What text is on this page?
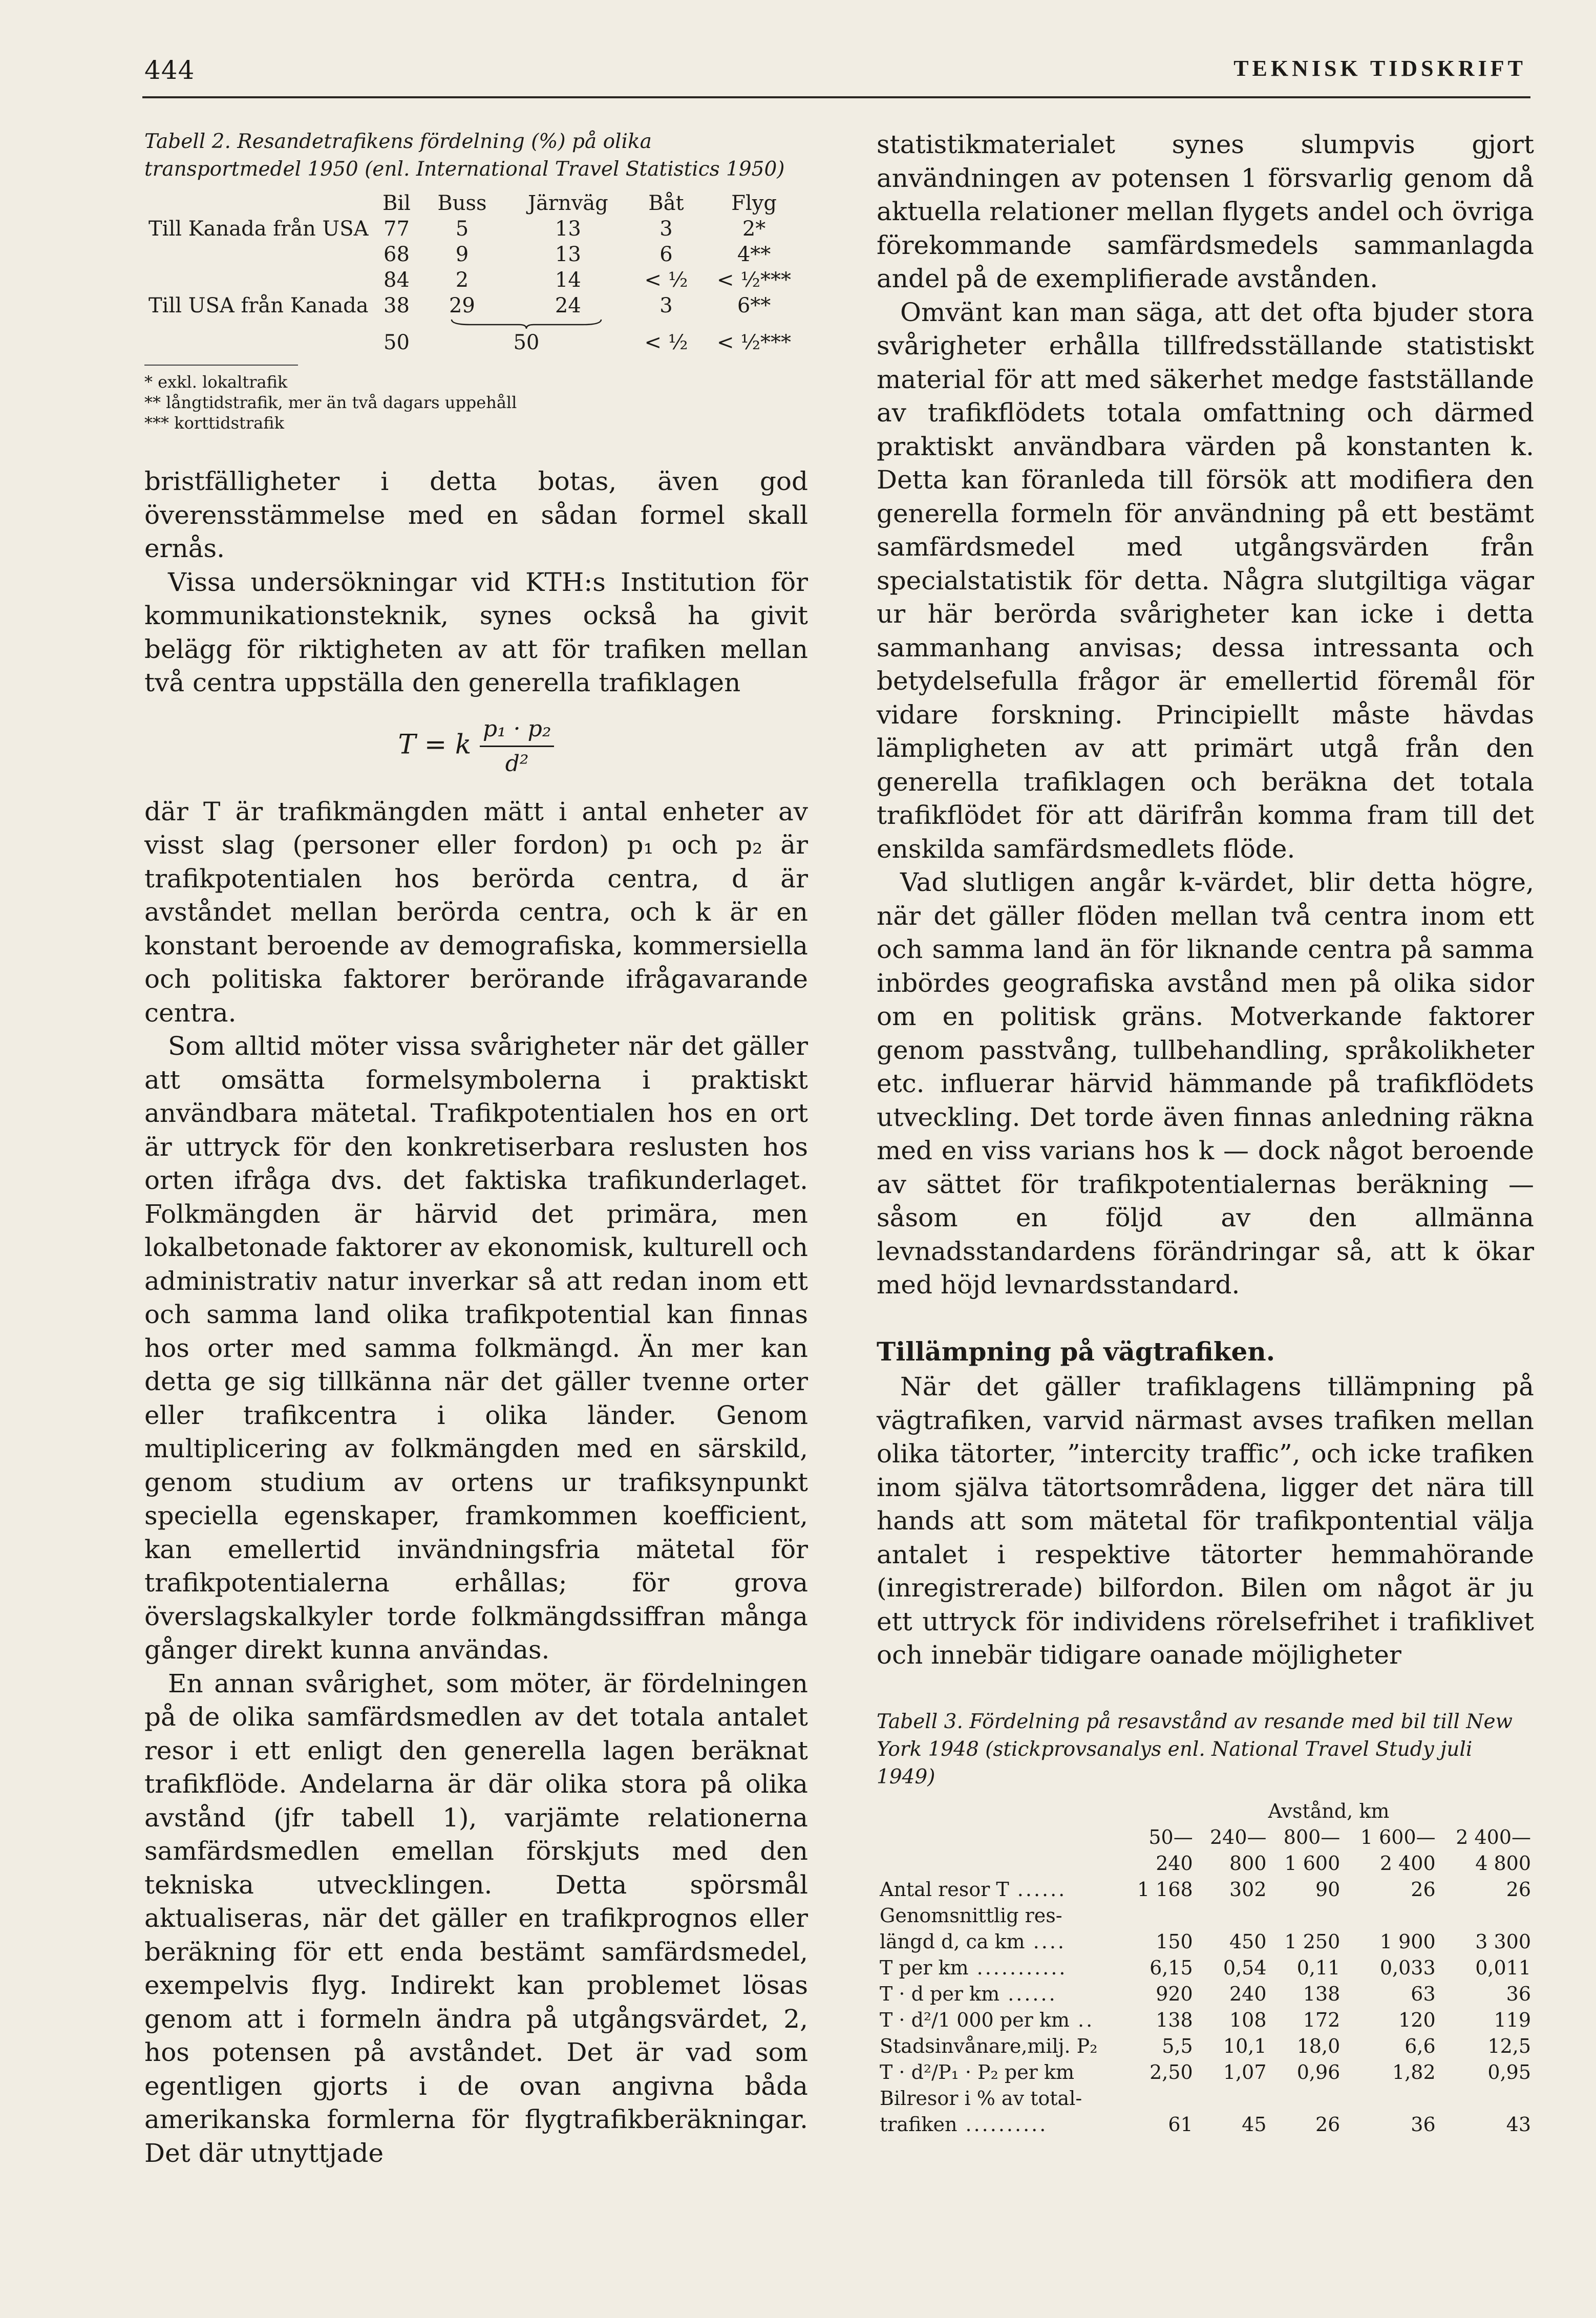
444	TEKNISK TIDSKRIFT

Tabell 2. Resandetrafikens fördelning (%) på olika transportmedel 1950 (enl. International Travel Statistics 1950)

	Bil	Buss	Järnväg	Båt	Flyg
Till Kanada från USA	77	5	13	3	2*
	68	9	13	6	4**
	84	2	14	< ½	< ½***
Till USA från Kanada	38	29	24	3	6**

	50	50		< ½	< ½***

* exkl. lokaltrafik

** långtidstrafik, mer än två dagars uppehåll

*** korttidstrafik

bristfälligheter i detta botas, även god överensstämmelse med en sådan formel skall ernås.

Vissa undersökningar vid KTH:s Institution för kommunikationsteknik, synes också ha givit belägg för riktigheten av att för trafiken mellan två centra uppställa den generella trafiklagen

T = k $\frac{\text{p₁ · p₂}}{\text{d²}}$

där T är trafikmängden mätt i antal enheter av visst slag (personer eller fordon) p₁ och p₂ är trafikpotentialen hos berörda centra, d är avståndet mellan berörda centra, och k är en konstant beroende av demografiska, kommersiella och politiska faktorer berörande ifrågavarande centra.

Som alltid möter vissa svårigheter när det gäller att omsätta formelsymbolerna i praktiskt användbara mätetal. Trafikpotentialen hos en ort är uttryck för den konkretiserbara reslusten hos orten ifråga dvs. det faktiska trafikunderlaget. Folkmängden är härvid det primära, men lokalbetonade faktorer av ekonomisk, kulturell och administrativ natur inverkar så att redan inom ett och samma land olika trafikpotential kan finnas hos orter med samma folkmängd. Än mer kan detta ge sig tillkänna när det gäller tvenne orter eller trafikcentra i olika länder. Genom multiplicering av folkmängden med en särskild, genom studium av ortens ur trafiksynpunkt speciella egenskaper, framkommen koefficient, kan emellertid invändningsfria mätetal för trafikpotentialerna erhållas; för grova överslagskalkyler torde folkmängdssiffran många gånger direkt kunna användas.

En annan svårighet, som möter, är fördelningen på de olika samfärdsmedlen av det totala antalet resor i ett enligt den generella lagen beräknat trafikflöde. Andelarna är där olika stora på olika avstånd (jfr tabell 1), varjämte relationerna samfärdsmedlen emellan förskjuts med den tekniska utvecklingen. Detta spörsmål aktualiseras, när det gäller en trafikprognos eller beräkning för ett enda bestämt samfärdsmedel, exempelvis flyg. Indirekt kan problemet lösas genom att i formeln ändra på utgångsvärdet, 2, hos potensen på avståndet. Det är vad som egentligen gjorts i de ovan angivna båda amerikanska formlerna för flygtrafikberäkningar. Det där utnyttjade

statistikmaterialet synes slumpvis gjort användningen av potensen 1 försvarlig genom då aktuella relationer mellan flygets andel och övriga förekommande samfärdsmedels sammanlagda andel på de exemplifierade avstånden.

Omvänt kan man säga, att det ofta bjuder stora svårigheter erhålla tillfredsställande statistiskt material för att med säkerhet medge fastställande av trafikflödets totala omfattning och därmed praktiskt användbara värden på konstanten k. Detta kan föranleda till försök att modifiera den generella formeln för användning på ett bestämt samfärdsmedel med utgångsvärden från specialstatistik för detta. Några slutgiltiga vägar ur här berörda svårigheter kan icke i detta sammanhang anvisas; dessa intressanta och betydelsefulla frågor är emellertid föremål för vidare forskning. Principiellt måste hävdas lämpligheten av att primärt utgå från den generella trafiklagen och beräkna det totala trafikflödet för att därifrån komma fram till det enskilda samfärdsmedlets flöde.

Vad slutligen angår k-värdet, blir detta högre, när det gäller flöden mellan två centra inom ett och samma land än för liknande centra på samma inbördes geografiska avstånd men på olika sidor om en politisk gräns. Motverkande faktorer genom passtvång, tullbehandling, språkolikheter etc. influerar härvid hämmande på trafikflödets utveckling. Det torde även finnas anledning räkna med en viss varians hos k — dock något beroende av sättet för trafikpotentialernas beräkning — såsom en följd av den allmänna levnadsstandardens förändringar så, att k ökar med höjd levnardsstandard.

Tillämpning på vägtrafiken.

När det gäller trafiklagens tillämpning på vägtrafiken, varvid närmast avses trafiken mellan olika tätorter, ”intercity traffic”, och icke trafiken inom själva tätortsområdena, ligger det nära till hands att som mätetal för trafikpontential välja antalet i respektive tätorter hemmahörande (inregistrerade) bilfordon. Bilen om något är ju ett uttryck för individens rörelsefrihet i trafiklivet och innebär tidigare oanade möjligheter

Tabell 3. Fördelning på resavstånd av resande med bil till New York 1948 (stickprovsanalys enl. National Travel Study juli 1949)

	Avstånd, km				
	50—	240—	800—	1 600—	2 400—
	240	800	1 600	2 400	4 800
Antal resor T ......	1 168	302	90	26	26
Genomsnittlig res-					
längd d, ca km ....	150	450	1 250	1 900	3 300
T per km ...........	6,15	0,54	0,11	0,033	0,011
T · d per km ......	920	240	138	63	36
T · d²/1 000 per km ..	138	108	172	120	119
Stadsinvånare,milj. P₂	5,5	10,1	18,0	6,6	12,5
T · d²/P₁ · P₂ per km	2,50	1,07	0,96	1,82	0,95
Bilresor i % av total-					
trafiken ..........	61	45	26	36	43
